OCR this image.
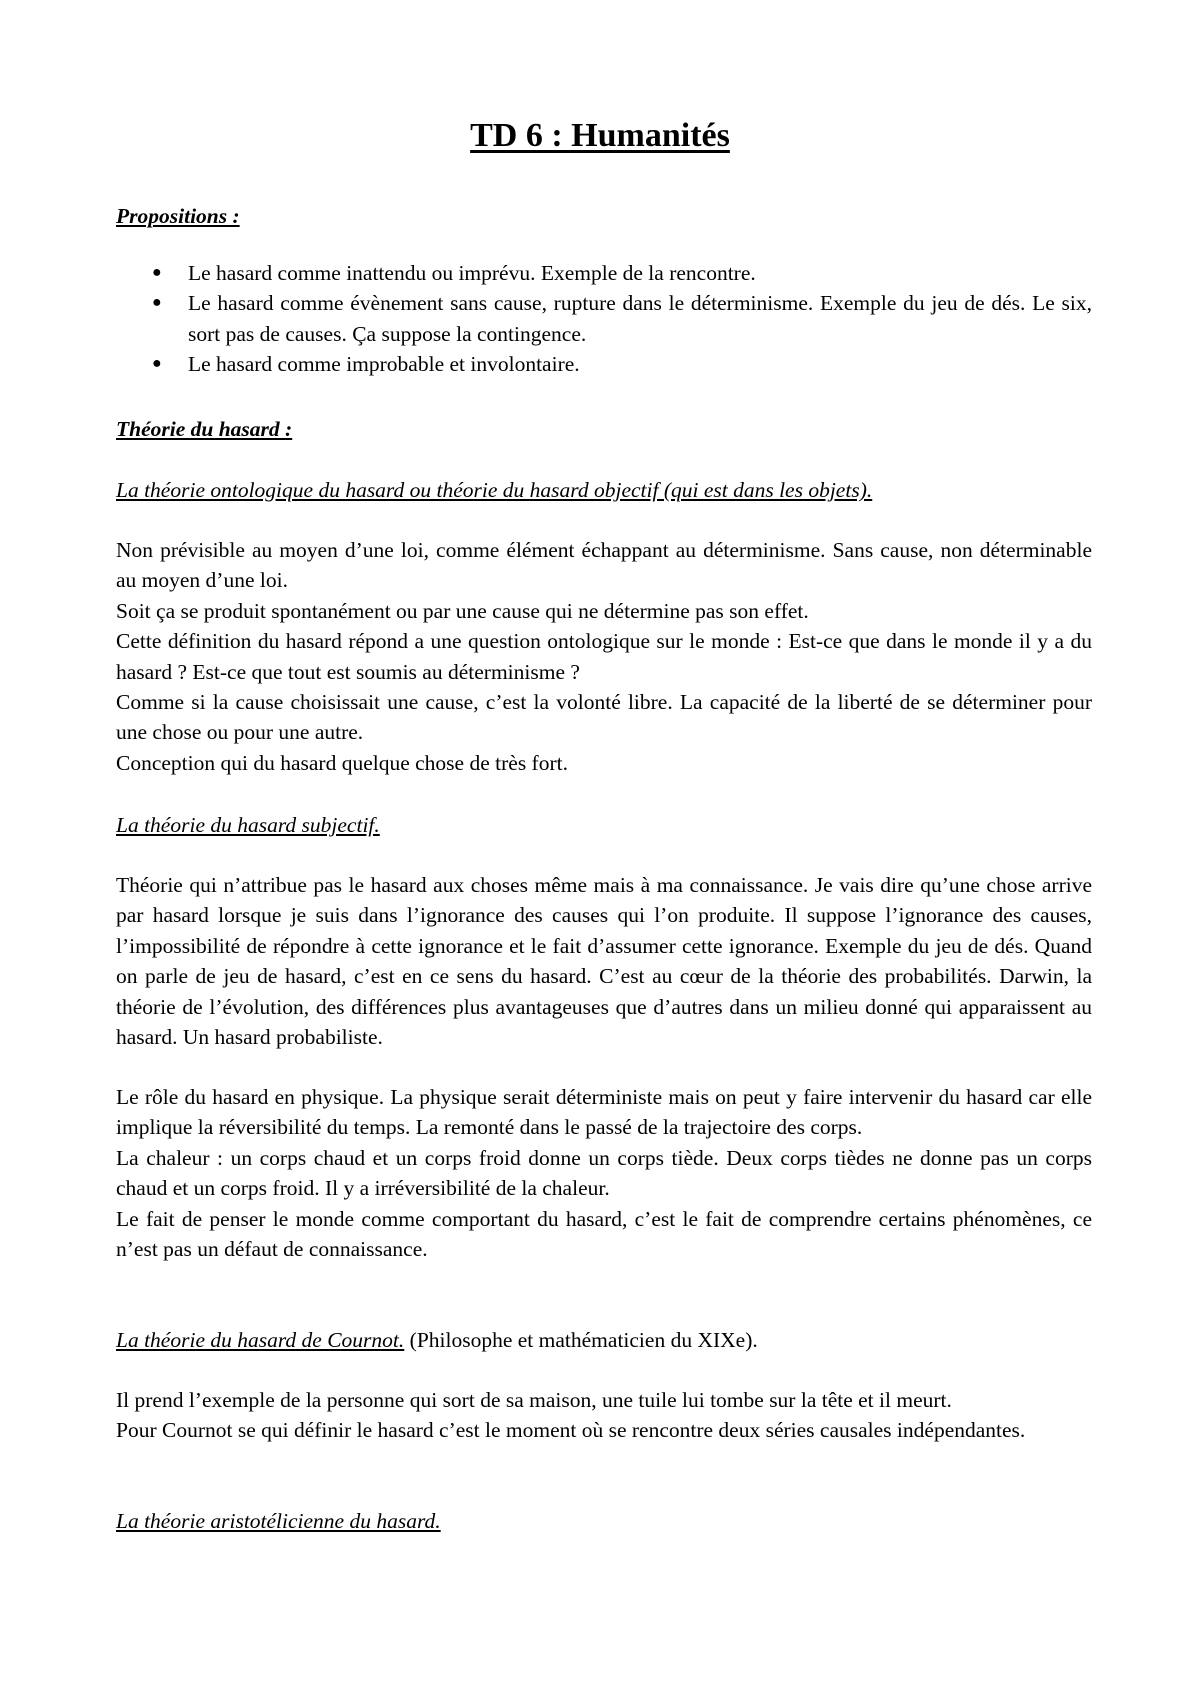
TD 6 : Humanités
Propositions :
● Le hasard comme inattendu ou imprévu. Exemple de la rencontre.
● Le hasard comme évènement sans cause, rupture dans le déterminisme. Exemple du jeu de dés. Le six, sort pas de causes. Ça suppose la contingence.
● Le hasard comme improbable et involontaire.
Théorie du hasard :
La théorie ontologique du hasard ou théorie du hasard objectif (qui est dans les objets).

Non prévisible au moyen d’une loi, comme élément échappant au déterminisme. Sans cause, non déterminable au moyen d’une loi.

Soit ça se produit spontanément ou par une cause qui ne détermine pas son effet.

Cette définition du hasard répond a une question ontologique sur le monde : Est-ce que dans le monde il y a du hasard ? Est-ce que tout est soumis au déterminisme ?

Comme si la cause choisissait une cause, c’est la volonté libre. La capacité de la liberté de se déterminer pour une chose ou pour une autre.

Conception qui du hasard quelque chose de très fort.

La théorie du hasard subjectif.

Théorie qui n’attribue pas le hasard aux choses même mais à ma connaissance. Je vais dire qu’une chose arrive par hasard lorsque je suis dans l’ignorance des causes qui l’on produite. Il suppose l’ignorance des causes, l’impossibilité de répondre à cette ignorance et le fait d’assumer cette ignorance. Exemple du jeu de dés. Quand on parle de jeu de hasard, c’est en ce sens du hasard. C’est au cœur de la théorie des probabilités. Darwin, la théorie de l’évolution, des différences plus avantageuses que d’autres dans un milieu donné qui apparaissent au hasard. Un hasard probabiliste.

Le rôle du hasard en physique. La physique serait déterministe mais on peut y faire intervenir du hasard car elle implique la réversibilité du temps. La remonté dans le passé de la trajectoire des corps.

La chaleur : un corps chaud et un corps froid donne un corps tiède. Deux corps tièdes ne donne pas un corps chaud et un corps froid. Il y a irréversibilité de la chaleur.

Le fait de penser le monde comme comportant du hasard, c’est le fait de comprendre certains phénomènes, ce n’est pas un défaut de connaissance.

La théorie du hasard de Cournot. (Philosophe et mathématicien du XIXe).

Il prend l’exemple de la personne qui sort de sa maison, une tuile lui tombe sur la tête et il meurt.

Pour Cournot se qui définir le hasard c’est le moment où se rencontre deux séries causales indépendantes.

La théorie aristotélicienne du hasard.
